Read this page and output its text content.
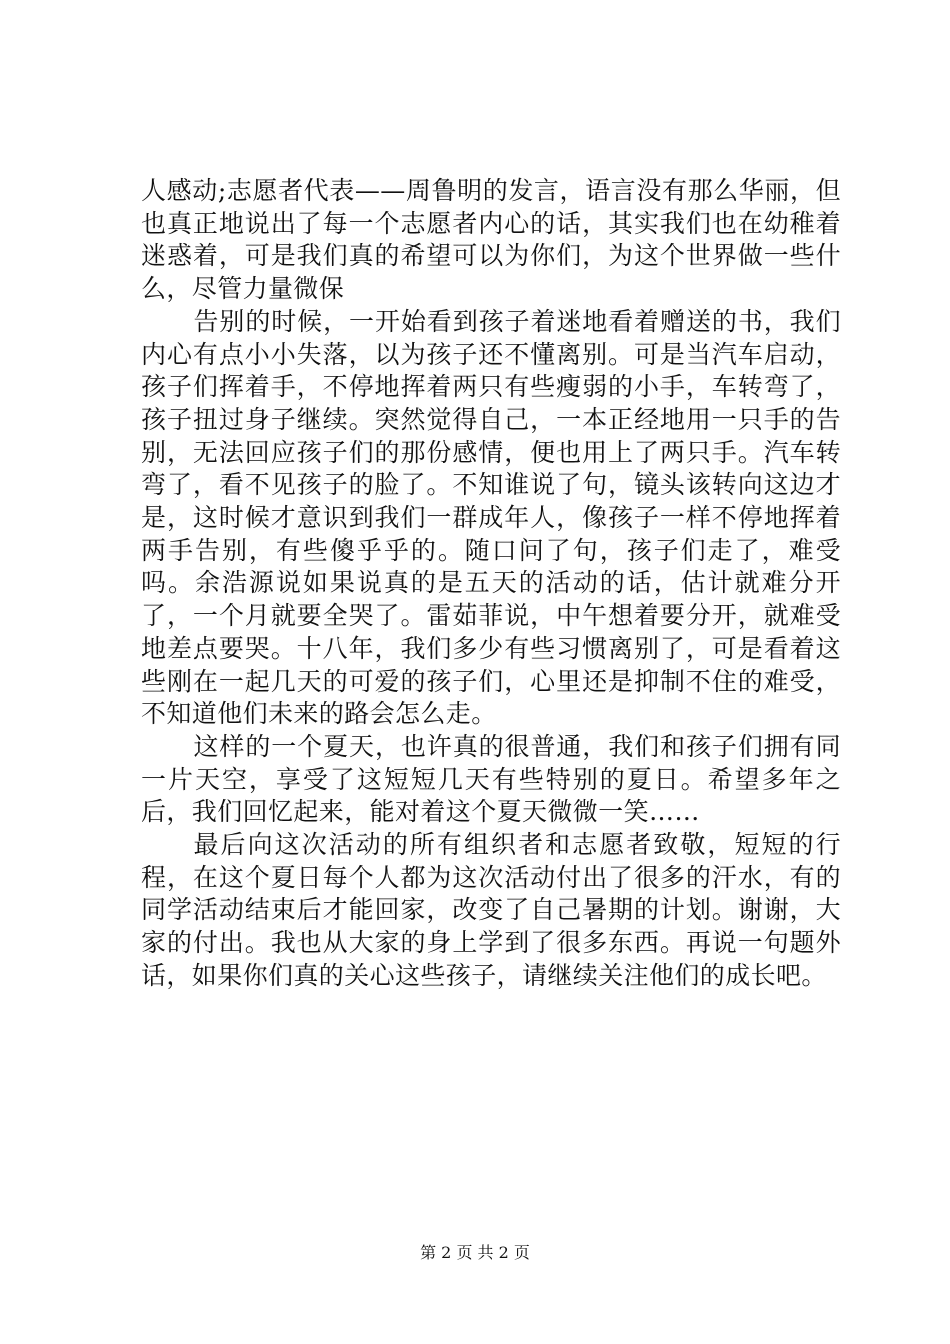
人感动;志愿者代表——周鲁明的发言，语言没有那么华丽，但也真正地说出了每一个志愿者内心的话，其实我们也在幼稚着迷惑着，可是我们真的希望可以为你们，为这个世界做一些什么，尽管力量微保

告别的时候，一开始看到孩子着迷地看着赠送的书，我们内心有点小小失落，以为孩子还不懂离别。可是当汽车启动，孩子们挥着手，不停地挥着两只有些瘦弱的小手，车转弯了，孩子扭过身子继续。突然觉得自己，一本正经地用一只手的告别，无法回应孩子们的那份感情，便也用上了两只手。汽车转弯了，看不见孩子的脸了。不知谁说了句，镜头该转向这边才是，这时候才意识到我们一群成年人，像孩子一样不停地挥着两手告别，有些傻乎乎的。随口问了句，孩子们走了，难受吗。余浩源说如果说真的是五天的活动的话，估计就难分开了，一个月就要全哭了。雷茹菲说，中午想着要分开，就难受地差点要哭。十八年，我们多少有些习惯离别了，可是看着这些刚在一起几天的可爱的孩子们，心里还是抑制不住的难受，不知道他们未来的路会怎么走。

这样的一个夏天，也许真的很普通，我们和孩子们拥有同一片天空，享受了这短短几天有些特别的夏日。希望多年之后，我们回忆起来，能对着这个夏天微微一笑……

最后向这次活动的所有组织者和志愿者致敬，短短的行程，在这个夏日每个人都为这次活动付出了很多的汗水，有的同学活动结束后才能回家，改变了自己暑期的计划。谢谢，大家的付出。我也从大家的身上学到了很多东西。再说一句题外话，如果你们真的关心这些孩子，请继续关注他们的成长吧。

第 2 页 共 2 页
